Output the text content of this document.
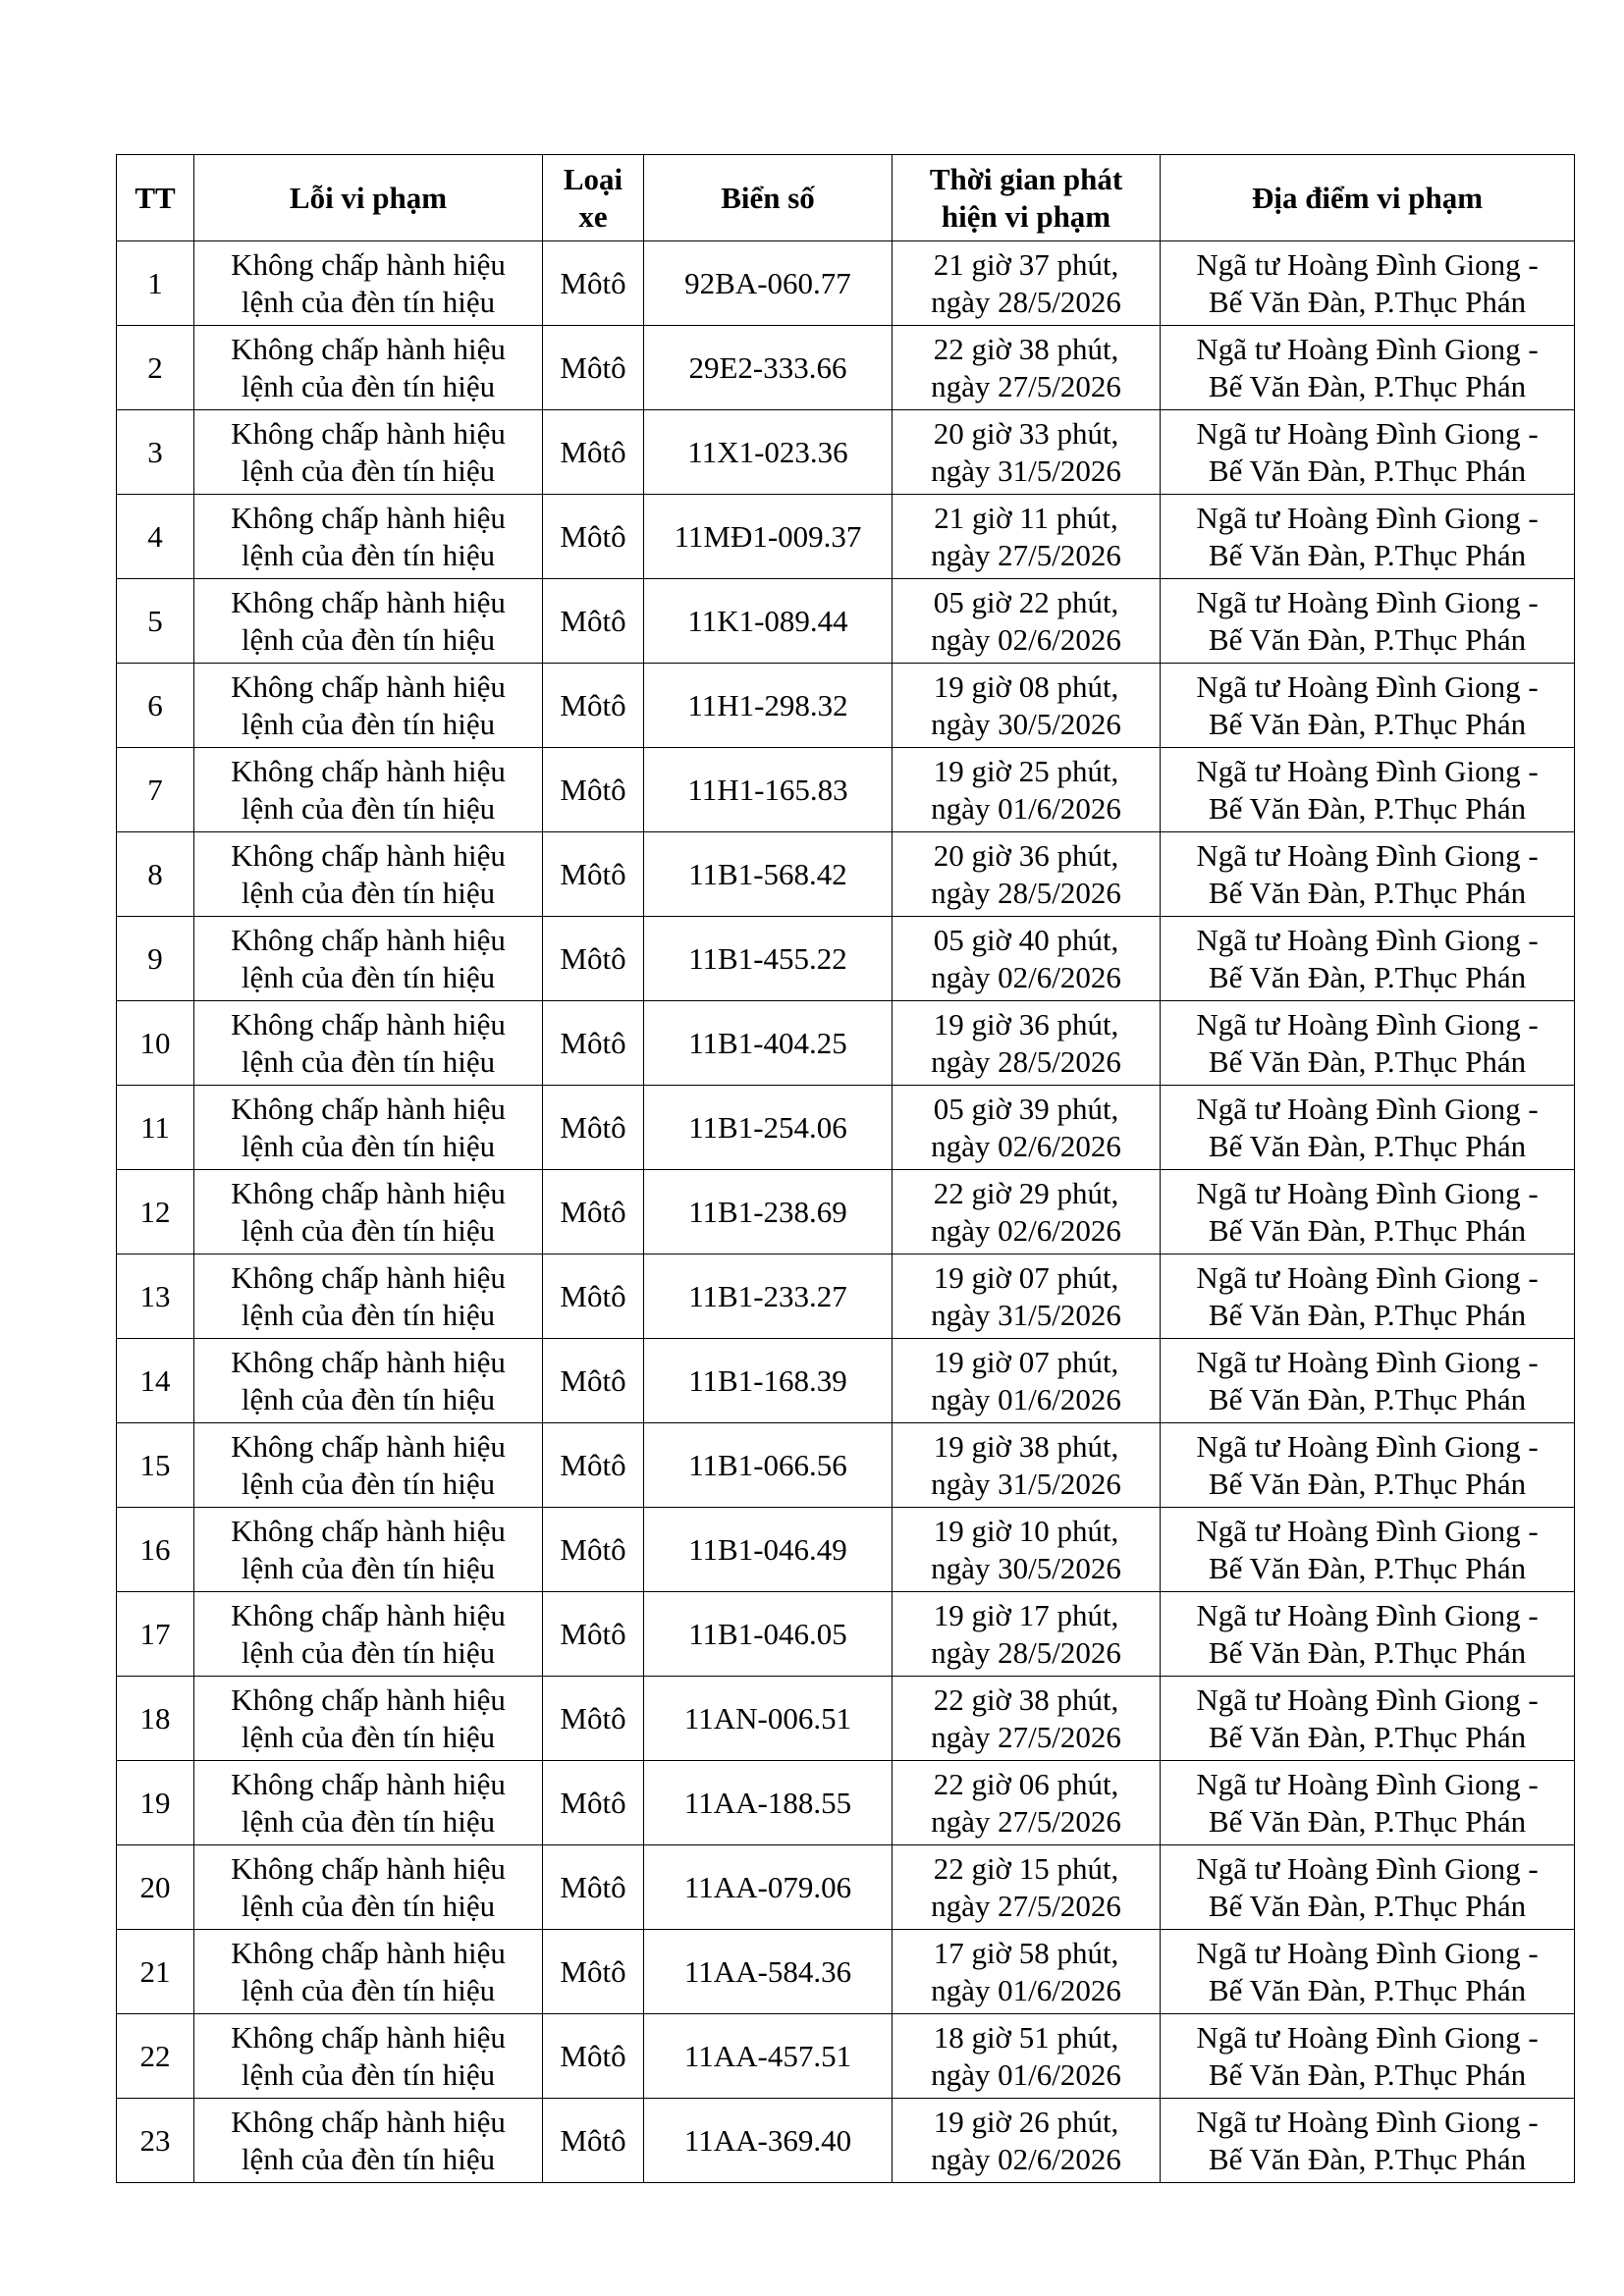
TT	Lỗi vi phạm	Loại
xe	Biển số	Thời gian phát
hiện vi phạm	Địa điểm vi phạm
1	Không chấp hành hiệu
lệnh của đèn tín hiệu	Môtô	92BA-060.77	21 giờ 37 phút,
ngày 28/5/2026	Ngã tư Hoàng Đình Giong -
Bế Văn Đàn, P.Thục Phán

2	Không chấp hành hiệu
lệnh của đèn tín hiệu	Môtô	29E2-333.66	22 giờ 38 phút,
ngày 27/5/2026	Ngã tư Hoàng Đình Giong -
Bế Văn Đàn, P.Thục Phán

3	Không chấp hành hiệu
lệnh của đèn tín hiệu	Môtô	11X1-023.36	20 giờ 33 phút,
ngày 31/5/2026	Ngã tư Hoàng Đình Giong -
Bế Văn Đàn, P.Thục Phán

4	Không chấp hành hiệu
lệnh của đèn tín hiệu	Môtô	11MĐ1-009.37	21 giờ 11 phút,
ngày 27/5/2026	Ngã tư Hoàng Đình Giong -
Bế Văn Đàn, P.Thục Phán

5	Không chấp hành hiệu
lệnh của đèn tín hiệu	Môtô	11K1-089.44	05 giờ 22 phút,
ngày 02/6/2026	Ngã tư Hoàng Đình Giong -
Bế Văn Đàn, P.Thục Phán

6	Không chấp hành hiệu
lệnh của đèn tín hiệu	Môtô	11H1-298.32	19 giờ 08 phút,
ngày 30/5/2026	Ngã tư Hoàng Đình Giong -
Bế Văn Đàn, P.Thục Phán

7	Không chấp hành hiệu
lệnh của đèn tín hiệu	Môtô	11H1-165.83	19 giờ 25 phút,
ngày 01/6/2026	Ngã tư Hoàng Đình Giong -
Bế Văn Đàn, P.Thục Phán

8	Không chấp hành hiệu
lệnh của đèn tín hiệu	Môtô	11B1-568.42	20 giờ 36 phút,
ngày 28/5/2026	Ngã tư Hoàng Đình Giong -
Bế Văn Đàn, P.Thục Phán

9	Không chấp hành hiệu
lệnh của đèn tín hiệu	Môtô	11B1-455.22	05 giờ 40 phút,
ngày 02/6/2026	Ngã tư Hoàng Đình Giong -
Bế Văn Đàn, P.Thục Phán

10	Không chấp hành hiệu
lệnh của đèn tín hiệu	Môtô	11B1-404.25	19 giờ 36 phút,
ngày 28/5/2026	Ngã tư Hoàng Đình Giong -
Bế Văn Đàn, P.Thục Phán

11	Không chấp hành hiệu
lệnh của đèn tín hiệu	Môtô	11B1-254.06	05 giờ 39 phút,
ngày 02/6/2026	Ngã tư Hoàng Đình Giong -
Bế Văn Đàn, P.Thục Phán

12	Không chấp hành hiệu
lệnh của đèn tín hiệu	Môtô	11B1-238.69	22 giờ 29 phút,
ngày 02/6/2026	Ngã tư Hoàng Đình Giong -
Bế Văn Đàn, P.Thục Phán

13	Không chấp hành hiệu
lệnh của đèn tín hiệu	Môtô	11B1-233.27	19 giờ 07 phút,
ngày 31/5/2026	Ngã tư Hoàng Đình Giong -
Bế Văn Đàn, P.Thục Phán

14	Không chấp hành hiệu
lệnh của đèn tín hiệu	Môtô	11B1-168.39	19 giờ 07 phút,
ngày 01/6/2026	Ngã tư Hoàng Đình Giong -
Bế Văn Đàn, P.Thục Phán

15	Không chấp hành hiệu
lệnh của đèn tín hiệu	Môtô	11B1-066.56	19 giờ 38 phút,
ngày 31/5/2026	Ngã tư Hoàng Đình Giong -
Bế Văn Đàn, P.Thục Phán

16	Không chấp hành hiệu
lệnh của đèn tín hiệu	Môtô	11B1-046.49	19 giờ 10 phút,
ngày 30/5/2026	Ngã tư Hoàng Đình Giong -
Bế Văn Đàn, P.Thục Phán

17	Không chấp hành hiệu
lệnh của đèn tín hiệu	Môtô	11B1-046.05	19 giờ 17 phút,
ngày 28/5/2026	Ngã tư Hoàng Đình Giong -
Bế Văn Đàn, P.Thục Phán

18	Không chấp hành hiệu
lệnh của đèn tín hiệu	Môtô	11AN-006.51	22 giờ 38 phút,
ngày 27/5/2026	Ngã tư Hoàng Đình Giong -
Bế Văn Đàn, P.Thục Phán

19	Không chấp hành hiệu
lệnh của đèn tín hiệu	Môtô	11AA-188.55	22 giờ 06 phút,
ngày 27/5/2026	Ngã tư Hoàng Đình Giong -
Bế Văn Đàn, P.Thục Phán

20	Không chấp hành hiệu
lệnh của đèn tín hiệu	Môtô	11AA-079.06	22 giờ 15 phút,
ngày 27/5/2026	Ngã tư Hoàng Đình Giong -
Bế Văn Đàn, P.Thục Phán

21	Không chấp hành hiệu
lệnh của đèn tín hiệu	Môtô	11AA-584.36	17 giờ 58 phút,
ngày 01/6/2026	Ngã tư Hoàng Đình Giong -
Bế Văn Đàn, P.Thục Phán

22	Không chấp hành hiệu
lệnh của đèn tín hiệu	Môtô	11AA-457.51	18 giờ 51 phút,
ngày 01/6/2026	Ngã tư Hoàng Đình Giong -
Bế Văn Đàn, P.Thục Phán

23	Không chấp hành hiệu
lệnh của đèn tín hiệu	Môtô	11AA-369.40	19 giờ 26 phút,
ngày 02/6/2026	Ngã tư Hoàng Đình Giong -
Bế Văn Đàn, P.Thục Phán
